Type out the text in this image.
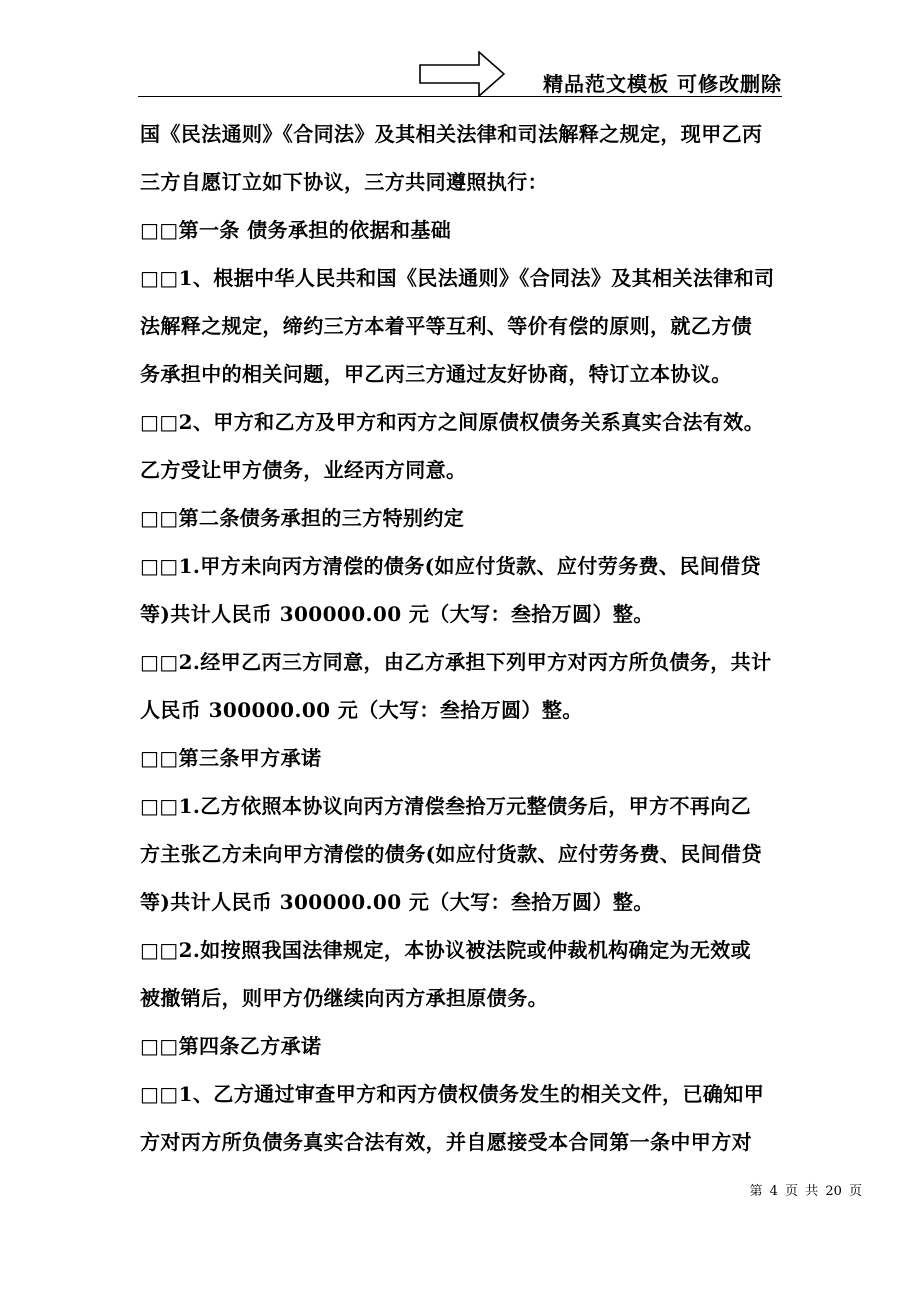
精品范文模板 可修改删除
国《民法通则》《合同法》及其相关法律和司法解释之规定，现甲乙丙
三方自愿订立如下协议，三方共同遵照执行：
□□第一条 债务承担的依据和基础
□□1、根据中华人民共和国《民法通则》《合同法》及其相关法律和司
法解释之规定，缔约三方本着平等互利、等价有偿的原则，就乙方债
务承担中的相关问题，甲乙丙三方通过友好协商，特订立本协议。
□□2、甲方和乙方及甲方和丙方之间原债权债务关系真实合法有效。
乙方受让甲方债务，业经丙方同意。
□□第二条债务承担的三方特别约定
□□1.甲方未向丙方清偿的债务(如应付货款、应付劳务费、民间借贷
等)共计人民币 300000.00 元（大写：叁拾万圆）整。
□□2.经甲乙丙三方同意，由乙方承担下列甲方对丙方所负债务，共计
人民币 300000.00 元（大写：叁拾万圆）整。
□□第三条甲方承诺
□□1.乙方依照本协议向丙方清偿叁拾万元整债务后，甲方不再向乙
方主张乙方未向甲方清偿的债务(如应付货款、应付劳务费、民间借贷
等)共计人民币 300000.00 元（大写：叁拾万圆）整。
□□2.如按照我国法律规定，本协议被法院或仲裁机构确定为无效或
被撤销后，则甲方仍继续向丙方承担原债务。
□□第四条乙方承诺
□□1、乙方通过审查甲方和丙方债权债务发生的相关文件，已确知甲
方对丙方所负债务真实合法有效，并自愿接受本合同第一条中甲方对
第 4 页 共 20 页
